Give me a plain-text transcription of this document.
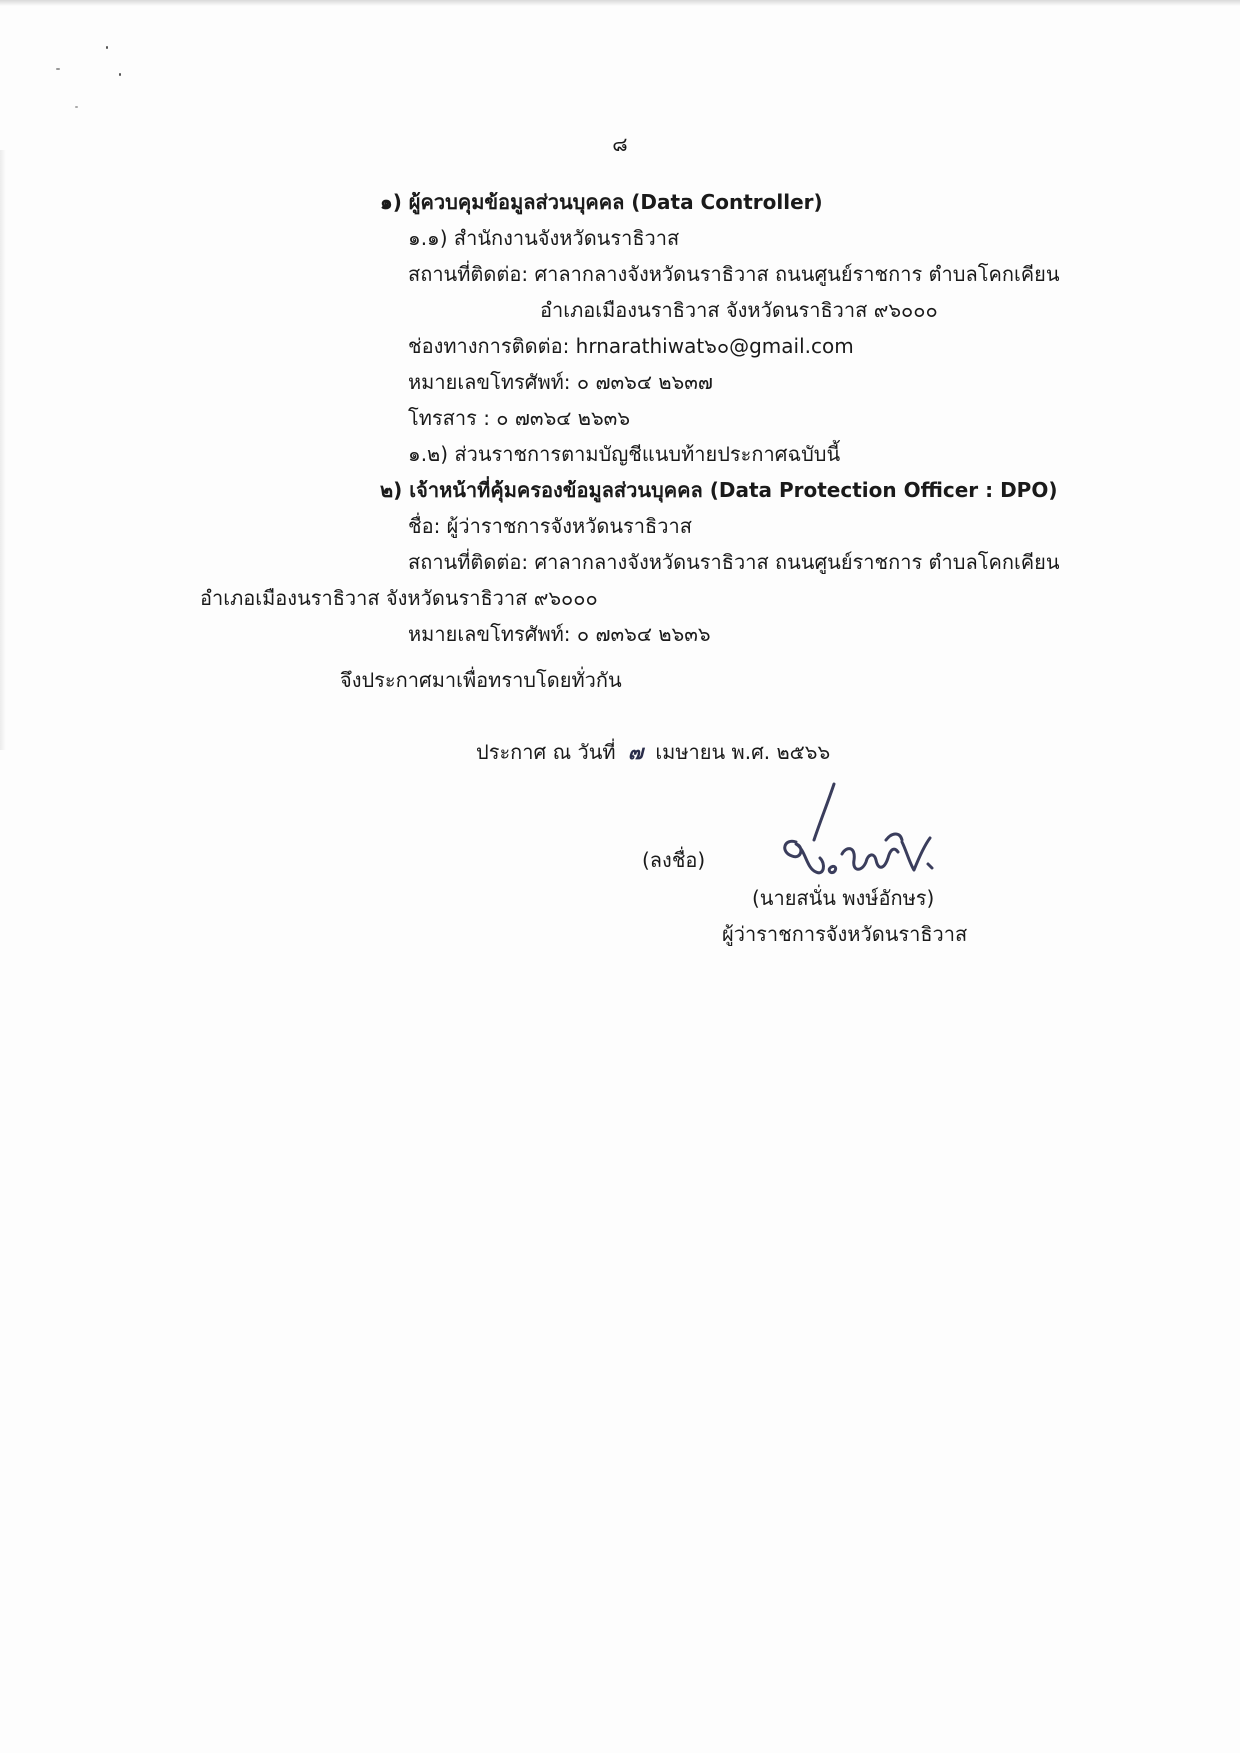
๘
๑) ผู้ควบคุมข้อมูลส่วนบุคคล (Data Controller)
๑.๑) สำนักงานจังหวัดนราธิวาส
สถานที่ติดต่อ: ศาลากลางจังหวัดนราธิวาส ถนนศูนย์ราชการ ตำบลโคกเคียน
อำเภอเมืองนราธิวาส จังหวัดนราธิวาส ๙๖๐๐๐
ช่องทางการติดต่อ: hrnarathiwat๖๐@gmail.com
หมายเลขโทรศัพท์: ๐ ๗๓๖๔ ๒๖๓๗
โทรสาร : ๐ ๗๓๖๔ ๒๖๓๖
๑.๒) ส่วนราชการตามบัญชีแนบท้ายประกาศฉบับนี้
๒) เจ้าหน้าที่คุ้มครองข้อมูลส่วนบุคคล (Data Protection Officer : DPO)
ชื่อ: ผู้ว่าราชการจังหวัดนราธิวาส
สถานที่ติดต่อ: ศาลากลางจังหวัดนราธิวาส ถนนศูนย์ราชการ ตำบลโคกเคียน
อำเภอเมืองนราธิวาส จังหวัดนราธิวาส ๙๖๐๐๐
หมายเลขโทรศัพท์: ๐ ๗๓๖๔ ๒๖๓๖
จึงประกาศมาเพื่อทราบโดยทั่วกัน
ประกาศ ณ วันที่ ๗ เมษายน พ.ศ. ๒๕๖๖
(ลงชื่อ)
(นายสนั่น พงษ์อักษร)
ผู้ว่าราชการจังหวัดนราธิวาส
